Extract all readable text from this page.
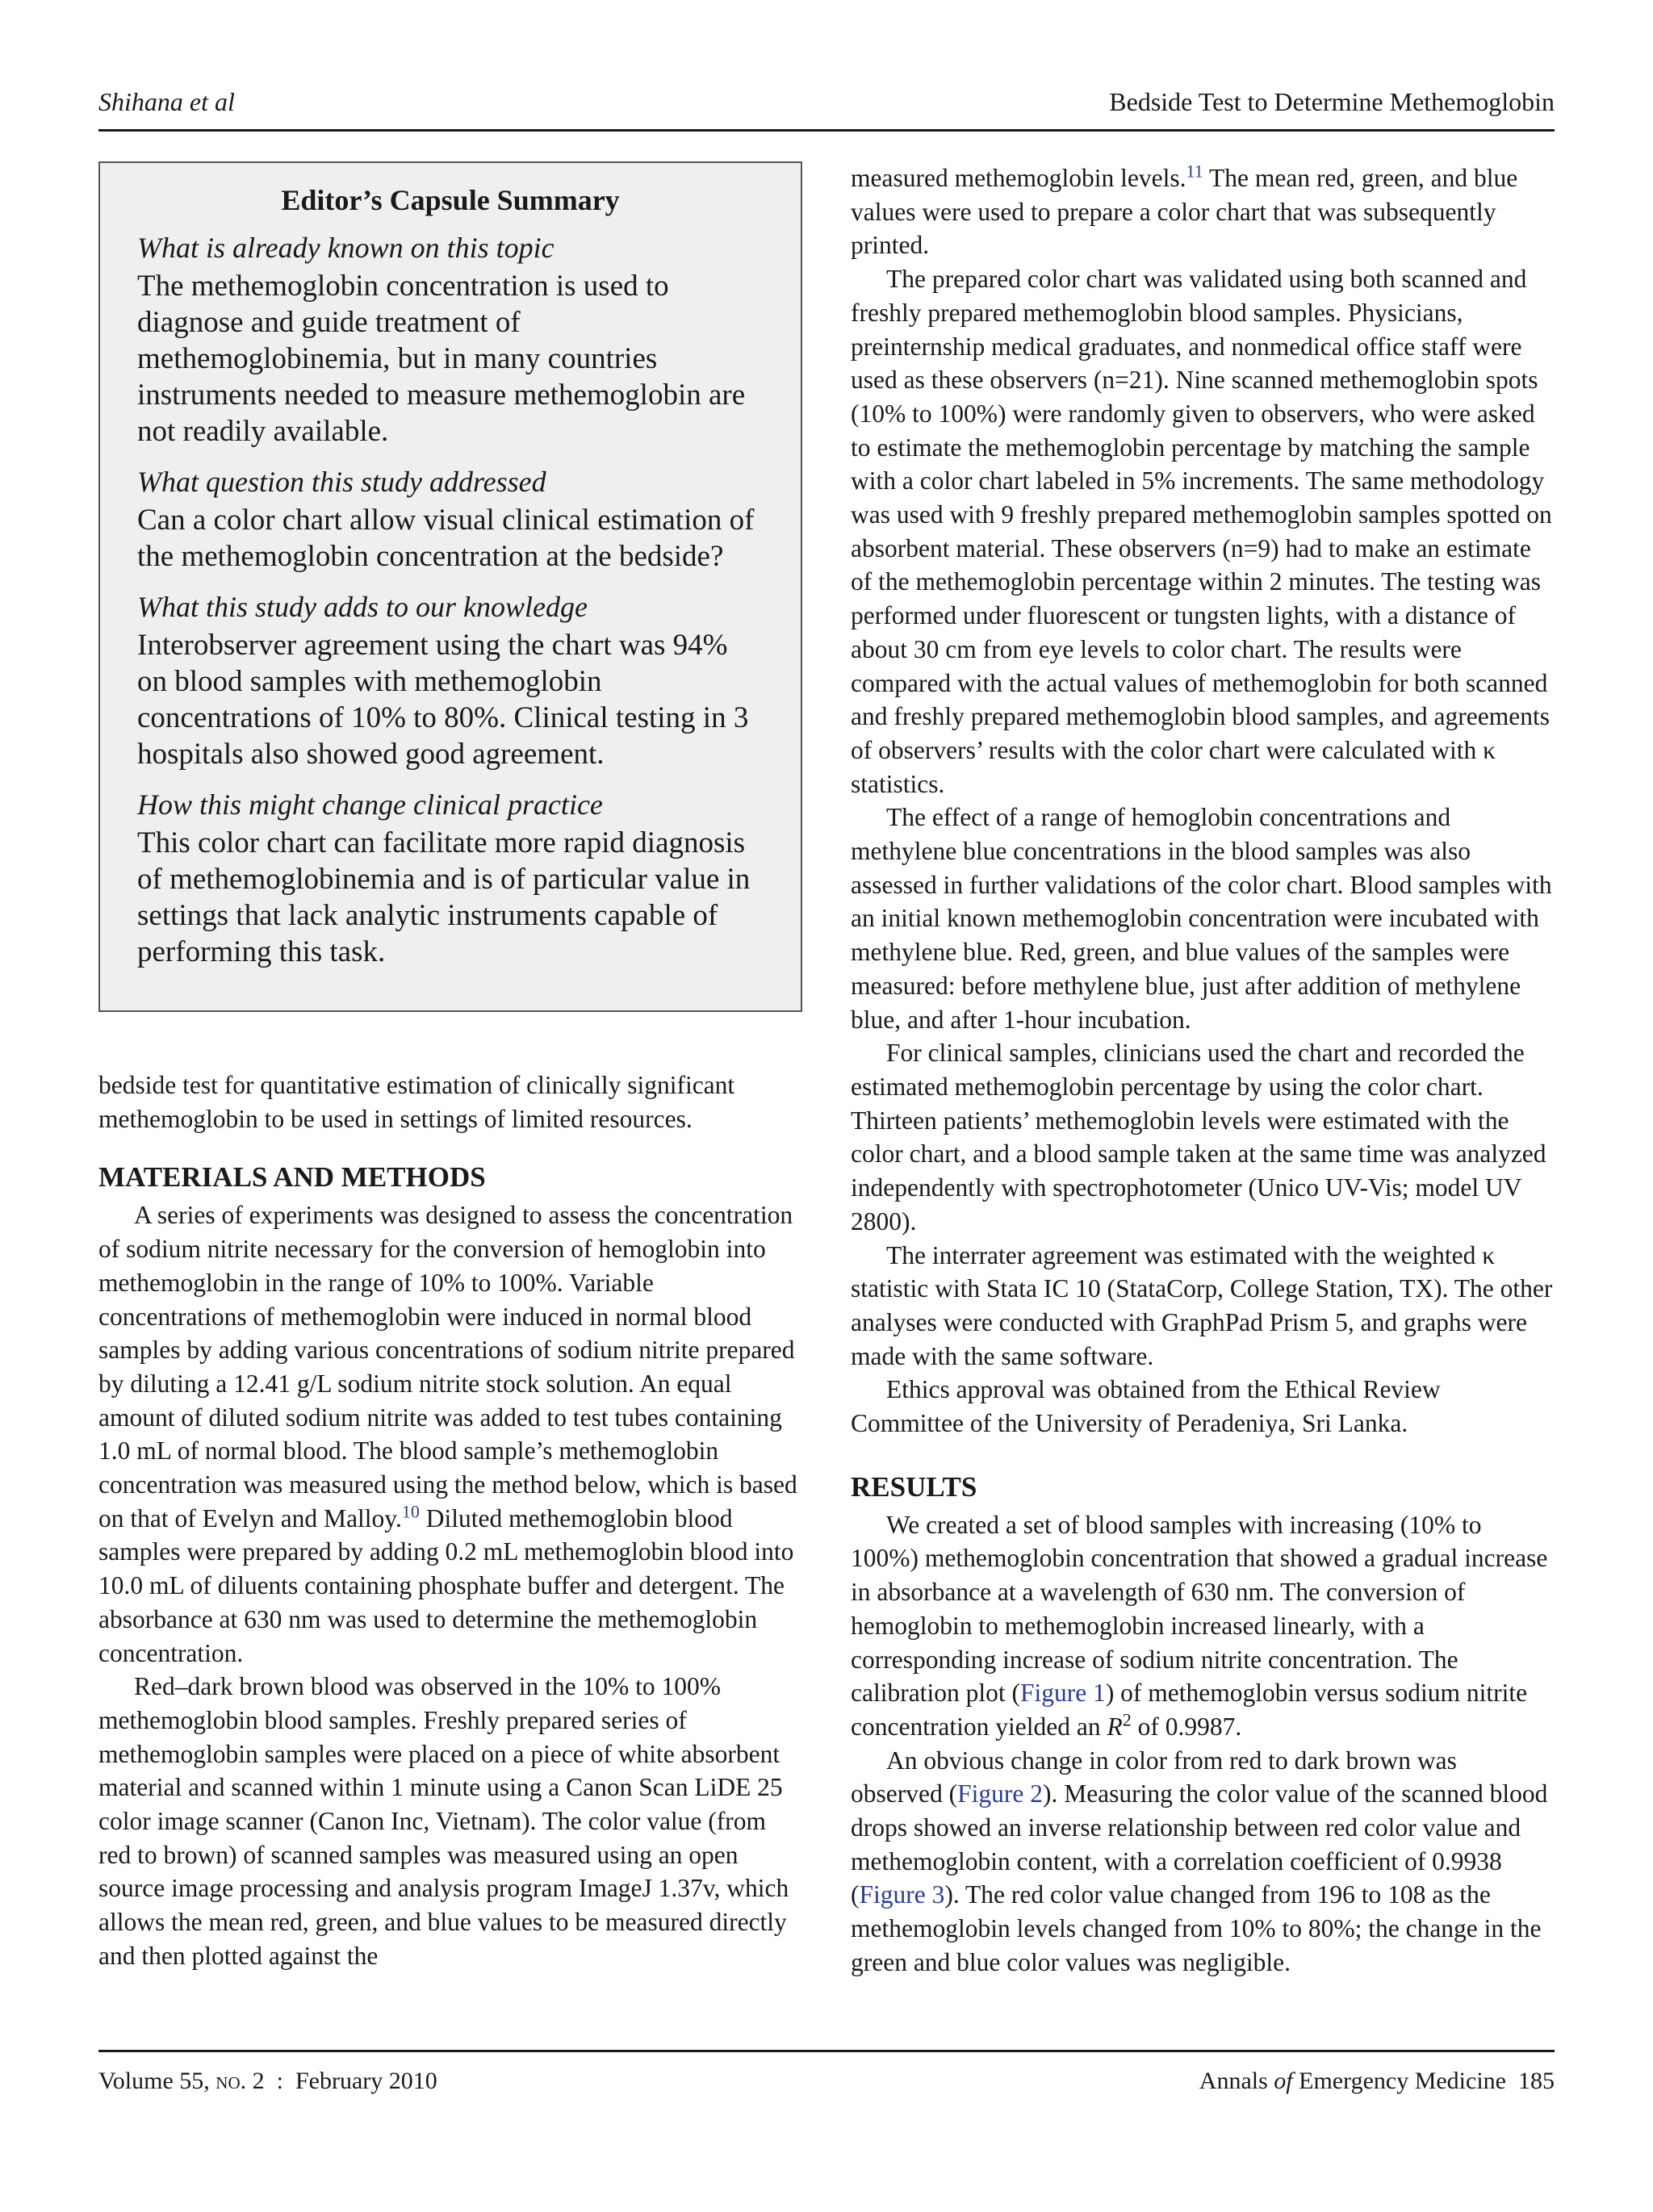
Shihana et al	Bedside Test to Determine Methemoglobin
Editor’s Capsule Summary
What is already known on this topic
The methemoglobin concentration is used to diagnose and guide treatment of methemoglobinemia, but in many countries instruments needed to measure methemoglobin are not readily available.
What question this study addressed
Can a color chart allow visual clinical estimation of the methemoglobin concentration at the bedside?
What this study adds to our knowledge
Interobserver agreement using the chart was 94% on blood samples with methemoglobin concentrations of 10% to 80%. Clinical testing in 3 hospitals also showed good agreement.
How this might change clinical practice
This color chart can facilitate more rapid diagnosis of methemoglobinemia and is of particular value in settings that lack analytic instruments capable of performing this task.

bedside test for quantitative estimation of clinically significant methemoglobin to be used in settings of limited resources.

MATERIALS AND METHODS

A series of experiments was designed to assess the concentration of sodium nitrite necessary for the conversion of hemoglobin into methemoglobin in the range of 10% to 100%. Variable concentrations of methemoglobin were induced in normal blood samples by adding various concentrations of sodium nitrite prepared by diluting a 12.41 g/L sodium nitrite stock solution. An equal amount of diluted sodium nitrite was added to test tubes containing 1.0 mL of normal blood. The blood sample’s methemoglobin concentration was measured using the method below, which is based on that of Evelyn and Malloy.$^{10}$ Diluted methemoglobin blood samples were prepared by adding 0.2 mL methemoglobin blood into 10.0 mL of diluents containing phosphate buffer and detergent. The absorbance at 630 nm was used to determine the methemoglobin concentration.

Red–dark brown blood was observed in the 10% to 100% methemoglobin blood samples. Freshly prepared series of methemoglobin samples were placed on a piece of white absorbent material and scanned within 1 minute using a Canon Scan LiDE 25 color image scanner (Canon Inc, Vietnam). The color value (from red to brown) of scanned samples was measured using an open source image processing and analysis program ImageJ 1.37v, which allows the mean red, green, and blue values to be measured directly and then plotted against the

measured methemoglobin levels.$^{11}$ The mean red, green, and blue values were used to prepare a color chart that was subsequently printed.

The prepared color chart was validated using both scanned and freshly prepared methemoglobin blood samples. Physicians, preinternship medical graduates, and nonmedical office staff were used as these observers (n=21). Nine scanned methemoglobin spots (10% to 100%) were randomly given to observers, who were asked to estimate the methemoglobin percentage by matching the sample with a color chart labeled in 5% increments. The same methodology was used with 9 freshly prepared methemoglobin samples spotted on absorbent material. These observers (n=9) had to make an estimate of the methemoglobin percentage within 2 minutes. The testing was performed under fluorescent or tungsten lights, with a distance of about 30 cm from eye levels to color chart. The results were compared with the actual values of methemoglobin for both scanned and freshly prepared methemoglobin blood samples, and agreements of observers’ results with the color chart were calculated with κ statistics.

The effect of a range of hemoglobin concentrations and methylene blue concentrations in the blood samples was also assessed in further validations of the color chart. Blood samples with an initial known methemoglobin concentration were incubated with methylene blue. Red, green, and blue values of the samples were measured: before methylene blue, just after addition of methylene blue, and after 1-hour incubation.

For clinical samples, clinicians used the chart and recorded the estimated methemoglobin percentage by using the color chart. Thirteen patients’ methemoglobin levels were estimated with the color chart, and a blood sample taken at the same time was analyzed independently with spectrophotometer (Unico UV-Vis; model UV 2800).

The interrater agreement was estimated with the weighted κ statistic with Stata IC 10 (StataCorp, College Station, TX). The other analyses were conducted with GraphPad Prism 5, and graphs were made with the same software.

Ethics approval was obtained from the Ethical Review Committee of the University of Peradeniya, Sri Lanka.

RESULTS

We created a set of blood samples with increasing (10% to 100%) methemoglobin concentration that showed a gradual increase in absorbance at a wavelength of 630 nm. The conversion of hemoglobin to methemoglobin increased linearly, with a corresponding increase of sodium nitrite concentration. The calibration plot (Figure 1) of methemoglobin versus sodium nitrite concentration yielded an $R^2$ of 0.9987.

An obvious change in color from red to dark brown was observed (Figure 2). Measuring the color value of the scanned blood drops showed an inverse relationship between red color value and methemoglobin content, with a correlation coefficient of 0.9938 (Figure 3). The red color value changed from 196 to 108 as the methemoglobin levels changed from 10% to 80%; the change in the green and blue color values was negligible.

Volume 55, no. 2  :  February 2010	Annals of Emergency Medicine 185
